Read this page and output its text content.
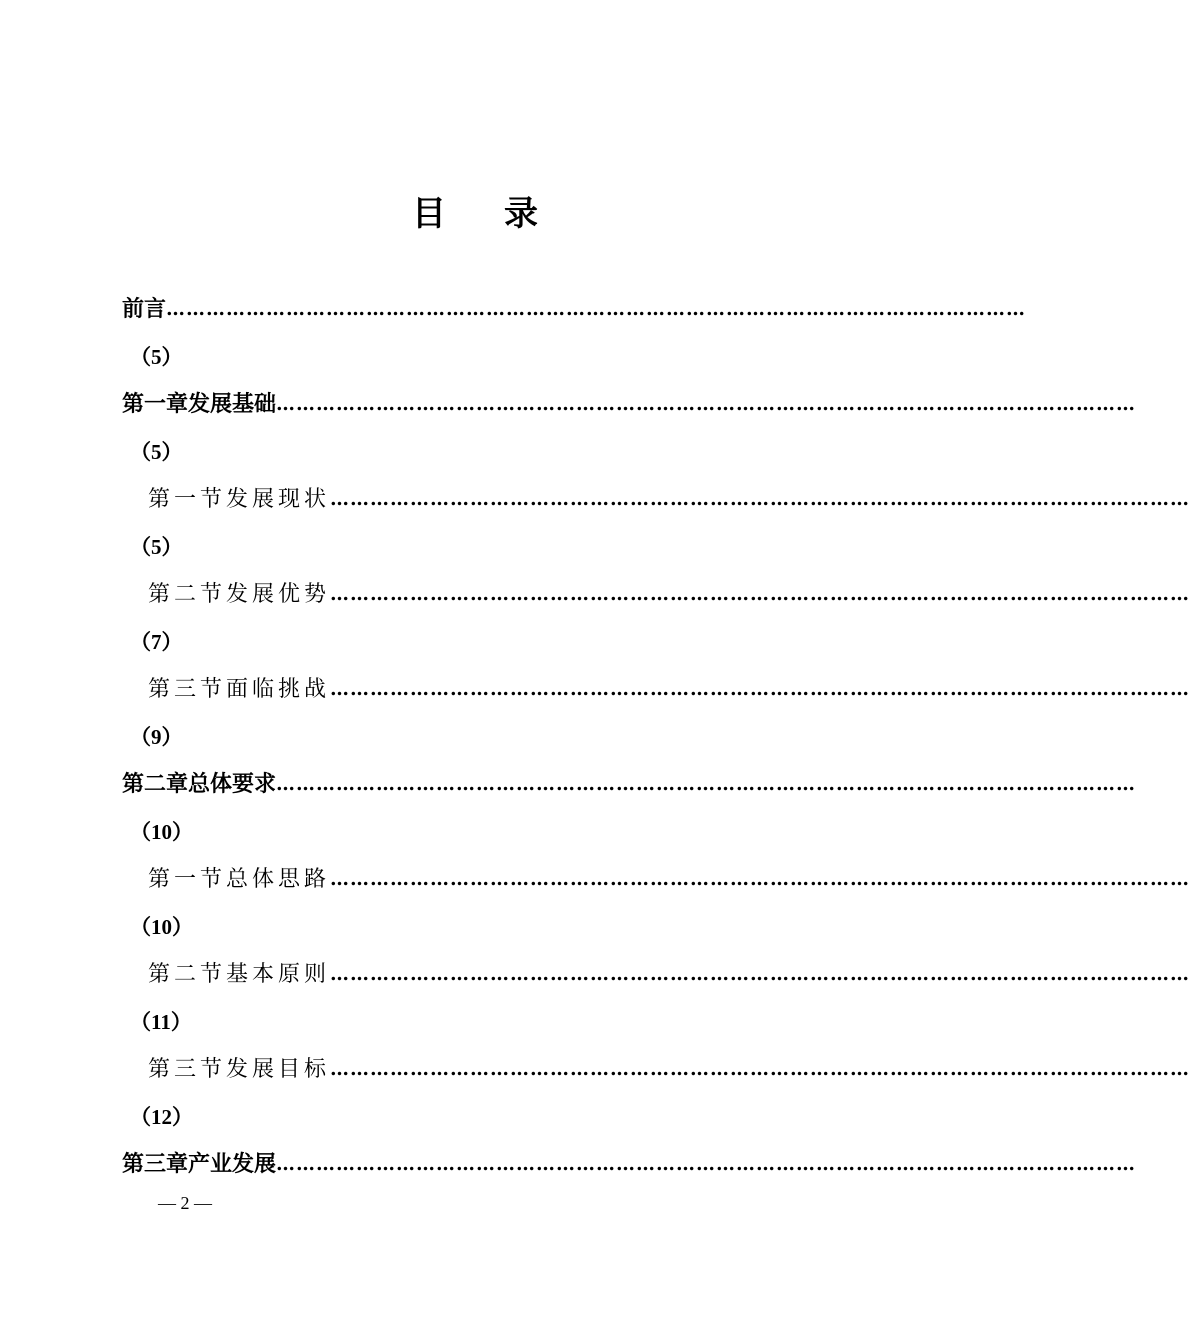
目 录
前 言 …………………………………………………………………………………………………………………
（5）
第一章 发展基础 …………………………………………………………………………………………………………………
（5）
第一节 发展现状 …………………………………………………………………………………………………………………
（5）
第二节 发展优势 …………………………………………………………………………………………………………………
（7）
第三节 面临挑战 …………………………………………………………………………………………………………………
（9）
第二章 总体要求 …………………………………………………………………………………………………………………
（10）
第一节 总体思路 …………………………………………………………………………………………………………………
（10）
第二节 基本原则 …………………………………………………………………………………………………………………
（11）
第三节 发展目标 …………………………………………………………………………………………………………………
（12）
第三章 产业发展 …………………………………………………………………………………………………………………
— 2 —
